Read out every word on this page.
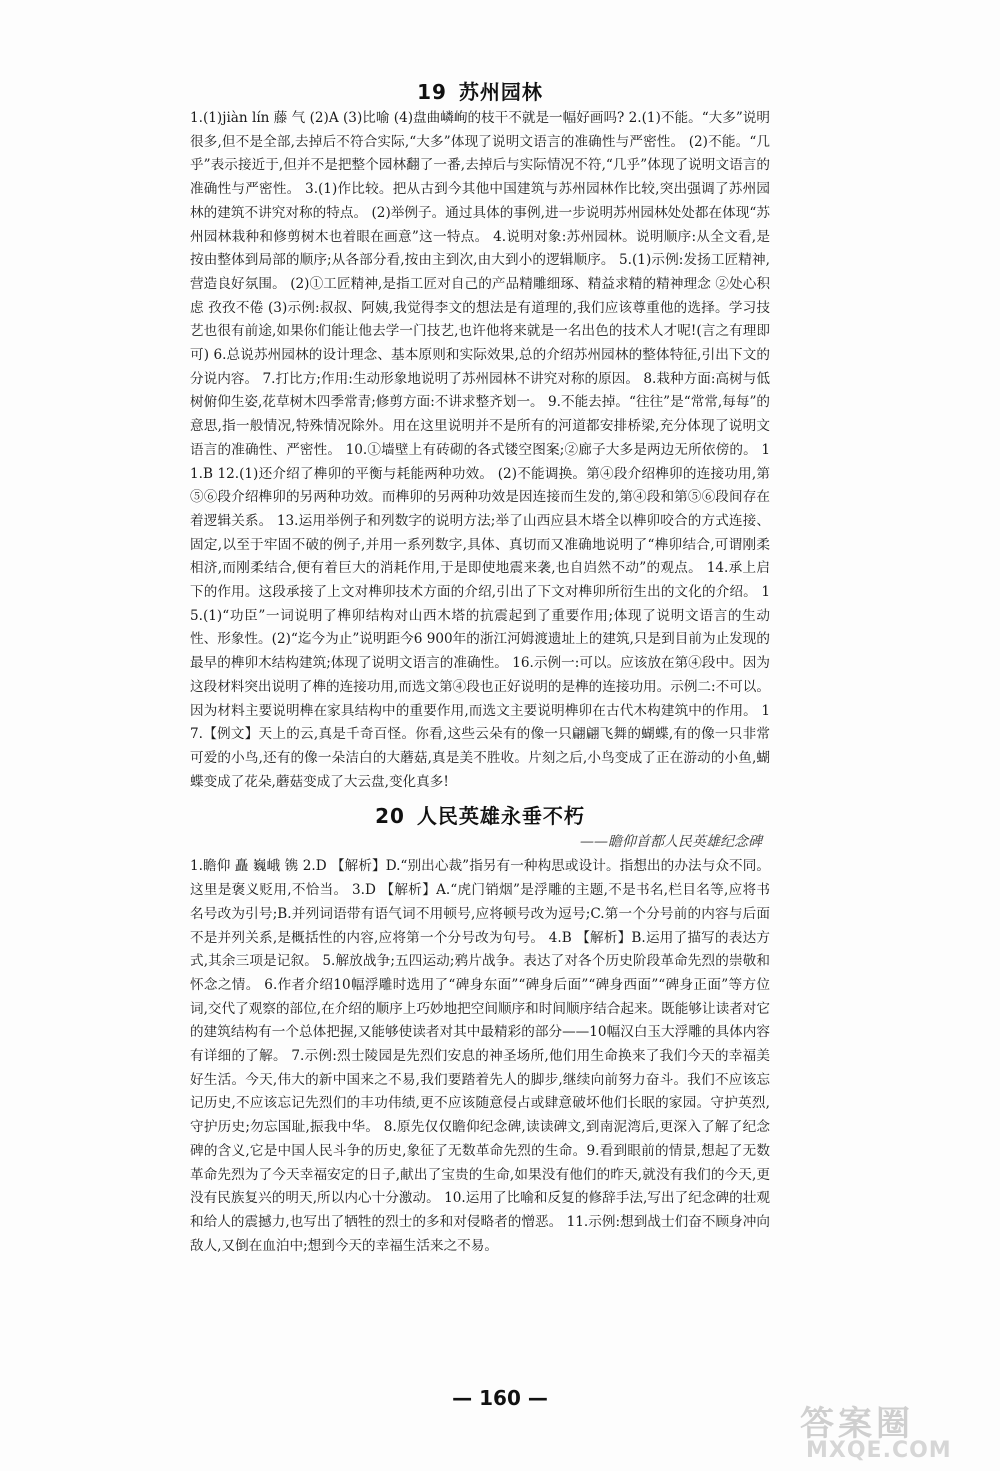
19 苏州园林

1.(1)jiàn lín 藤 气 (2)A (3)比喻 (4)盘曲嶙峋的枝干不就是一幅好画吗? 2.(1)不能。“大多”说明很多,但不是全部,去掉后不符合实际,“大多”体现了说明文语言的准确性与严密性。 (2)不能。“几乎”表示接近于,但并不是把整个园林翻了一番,去掉后与实际情况不符,“几乎”体现了说明文语言的准确性与严密性。 3.(1)作比较。把从古到今其他中国建筑与苏州园林作比较,突出强调了苏州园林的建筑不讲究对称的特点。 (2)举例子。通过具体的事例,进一步说明苏州园林处处都在体现“苏州园林栽种和修剪树木也着眼在画意”这一特点。 4.说明对象:苏州园林。说明顺序:从全文看,是按由整体到局部的顺序;从各部分看,按由主到次,由大到小的逻辑顺序。 5.(1)示例:发扬工匠精神,营造良好氛围。 (2)①工匠精神,是指工匠对自己的产品精雕细琢、精益求精的精神理念 ②处心积虑 孜孜不倦 (3)示例:叔叔、阿姨,我觉得李文的想法是有道理的,我们应该尊重他的选择。学习技艺也很有前途,如果你们能让他去学一门技艺,也许他将来就是一名出色的技术人才呢!(言之有理即可) 6.总说苏州园林的设计理念、基本原则和实际效果,总的介绍苏州园林的整体特征,引出下文的分说内容。 7.打比方;作用:生动形象地说明了苏州园林不讲究对称的原因。 8.栽种方面:高树与低树俯仰生姿,花草树木四季常青;修剪方面:不讲求整齐划一。 9.不能去掉。“往往”是“常常,每每”的意思,指一般情况,特殊情况除外。用在这里说明并不是所有的河道都安排桥梁,充分体现了说明文语言的准确性、严密性。 10.①墙壁上有砖砌的各式镂空图案;②廊子大多是两边无所依傍的。 11.B 12.(1)还介绍了榫卯的平衡与耗能两种功效。 (2)不能调换。第④段介绍榫卯的连接功用,第⑤⑥段介绍榫卯的另两种功效。而榫卯的另两种功效是因连接而生发的,第④段和第⑤⑥段间存在着逻辑关系。 13.运用举例子和列数字的说明方法;举了山西应县木塔全以榫卯咬合的方式连接、固定,以至于牢固不破的例子,并用一系列数字,具体、真切而又准确地说明了“榫卯结合,可谓刚柔相济,而刚柔结合,便有着巨大的消耗作用,于是即使地震来袭,也自岿然不动”的观点。 14.承上启下的作用。这段承接了上文对榫卯技术方面的介绍,引出了下文对榫卯所衍生出的文化的介绍。 15.(1)“功臣”一词说明了榫卯结构对山西木塔的抗震起到了重要作用;体现了说明文语言的生动性、形象性。(2)“迄今为止”说明距今6 900年的浙江河姆渡遗址上的建筑,只是到目前为止发现的最早的榫卯木结构建筑;体现了说明文语言的准确性。 16.示例一:可以。应该放在第④段中。因为这段材料突出说明了榫的连接功用,而选文第④段也正好说明的是榫的连接功用。示例二:不可以。因为材料主要说明榫在家具结构中的重要作用,而选文主要说明榫卯在古代木构建筑中的作用。 17.【例文】天上的云,真是千奇百怪。你看,这些云朵有的像一只翩翩飞舞的蝴蝶,有的像一只非常可爱的小鸟,还有的像一朵洁白的大蘑菇,真是美不胜收。片刻之后,小鸟变成了正在游动的小鱼,蝴蝶变成了花朵,蘑菇变成了大云盘,变化真多!

20 人民英雄永垂不朽
——瞻仰首都人民英雄纪念碑

1.瞻仰 矗 巍峨 镌 2.D 【解析】D.“别出心裁”指另有一种构思或设计。指想出的办法与众不同。这里是褒义贬用,不恰当。 3.D 【解析】A.“虎门销烟”是浮雕的主题,不是书名,栏目名等,应将书名号改为引号;B.并列词语带有语气词不用顿号,应将顿号改为逗号;C.第一个分号前的内容与后面不是并列关系,是概括性的内容,应将第一个分号改为句号。 4.B 【解析】B.运用了描写的表达方式,其余三项是记叙。 5.解放战争;五四运动;鸦片战争。表达了对各个历史阶段革命先烈的崇敬和怀念之情。 6.作者介绍10幅浮雕时选用了“碑身东面”“碑身后面”“碑身西面”“碑身正面”等方位词,交代了观察的部位,在介绍的顺序上巧妙地把空间顺序和时间顺序结合起来。既能够让读者对它的建筑结构有一个总体把握,又能够使读者对其中最精彩的部分——10幅汉白玉大浮雕的具体内容有详细的了解。 7.示例:烈士陵园是先烈们安息的神圣场所,他们用生命换来了我们今天的幸福美好生活。今天,伟大的新中国来之不易,我们要踏着先人的脚步,继续向前努力奋斗。我们不应该忘记历史,不应该忘记先烈们的丰功伟绩,更不应该随意侵占或肆意破坏他们长眠的家园。守护英烈,守护历史;勿忘国耻,振我中华。 8.原先仅仅瞻仰纪念碑,读读碑文,到南泥湾后,更深入了解了纪念碑的含义,它是中国人民斗争的历史,象征了无数革命先烈的生命。9.看到眼前的情景,想起了无数革命先烈为了今天幸福安定的日子,献出了宝贵的生命,如果没有他们的昨天,就没有我们的今天,更没有民族复兴的明天,所以内心十分激动。 10.运用了比喻和反复的修辞手法,写出了纪念碑的壮观和给人的震撼力,也写出了牺牲的烈士的多和对侵略者的憎恶。 11.示例:想到战士们奋不顾身冲向敌人,又倒在血泊中;想到今天的幸福生活来之不易。

— 160 —
答案圈
MXQE.COM
